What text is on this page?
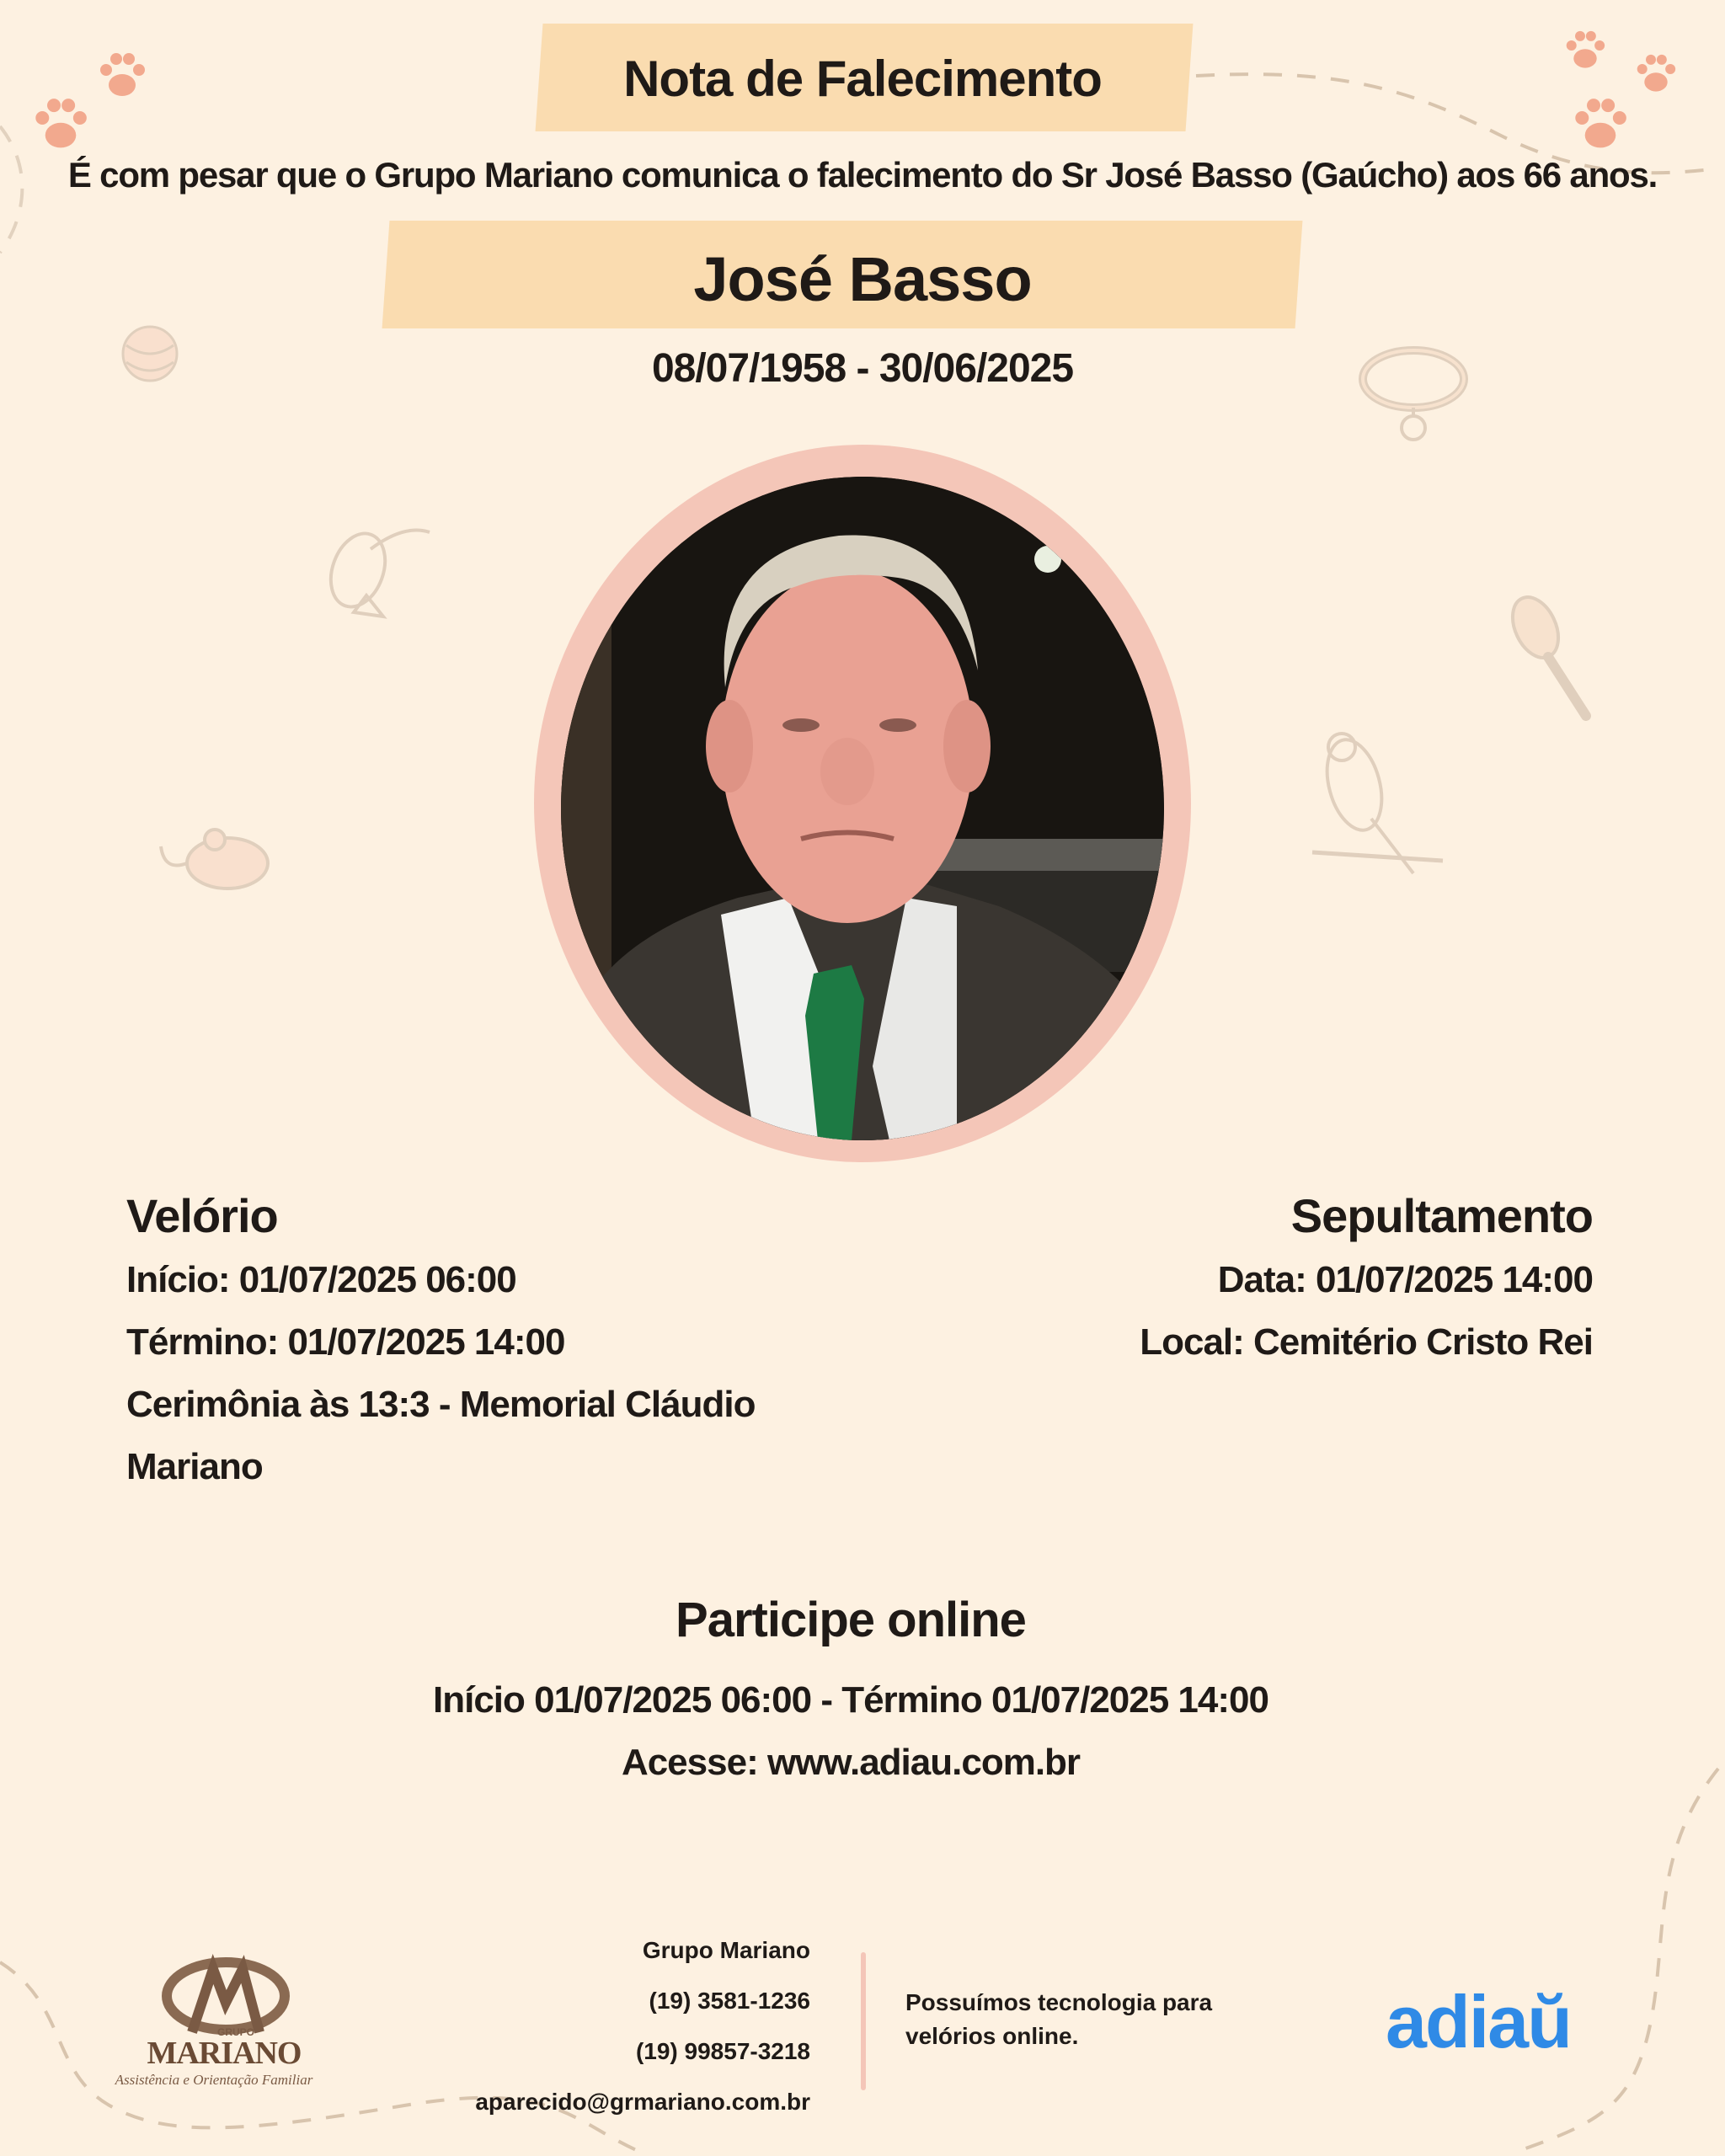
Nota de Falecimento
É com pesar que o Grupo Mariano comunica o falecimento do Sr José Basso (Gaúcho) aos 66 anos.
José Basso
08/07/1958 - 30/06/2025
Velório
Início: 01/07/2025 06:00
Término: 01/07/2025 14:00
Cerimônia às 13:3 - Memorial Cláudio
Mariano
Sepultamento
Data: 01/07/2025 14:00
Local: Cemitério Cristo Rei
Participe online
Início 01/07/2025 06:00 - Término 01/07/2025 14:00
Acesse: www.adiau.com.br
GRUPO
MARIANO
Assistência e Orientação Familiar
Grupo Mariano
(19) 3581-1236
(19) 99857-3218
aparecido@grmariano.com.br
Possuímos tecnologia para velórios online.	adiaŭ
